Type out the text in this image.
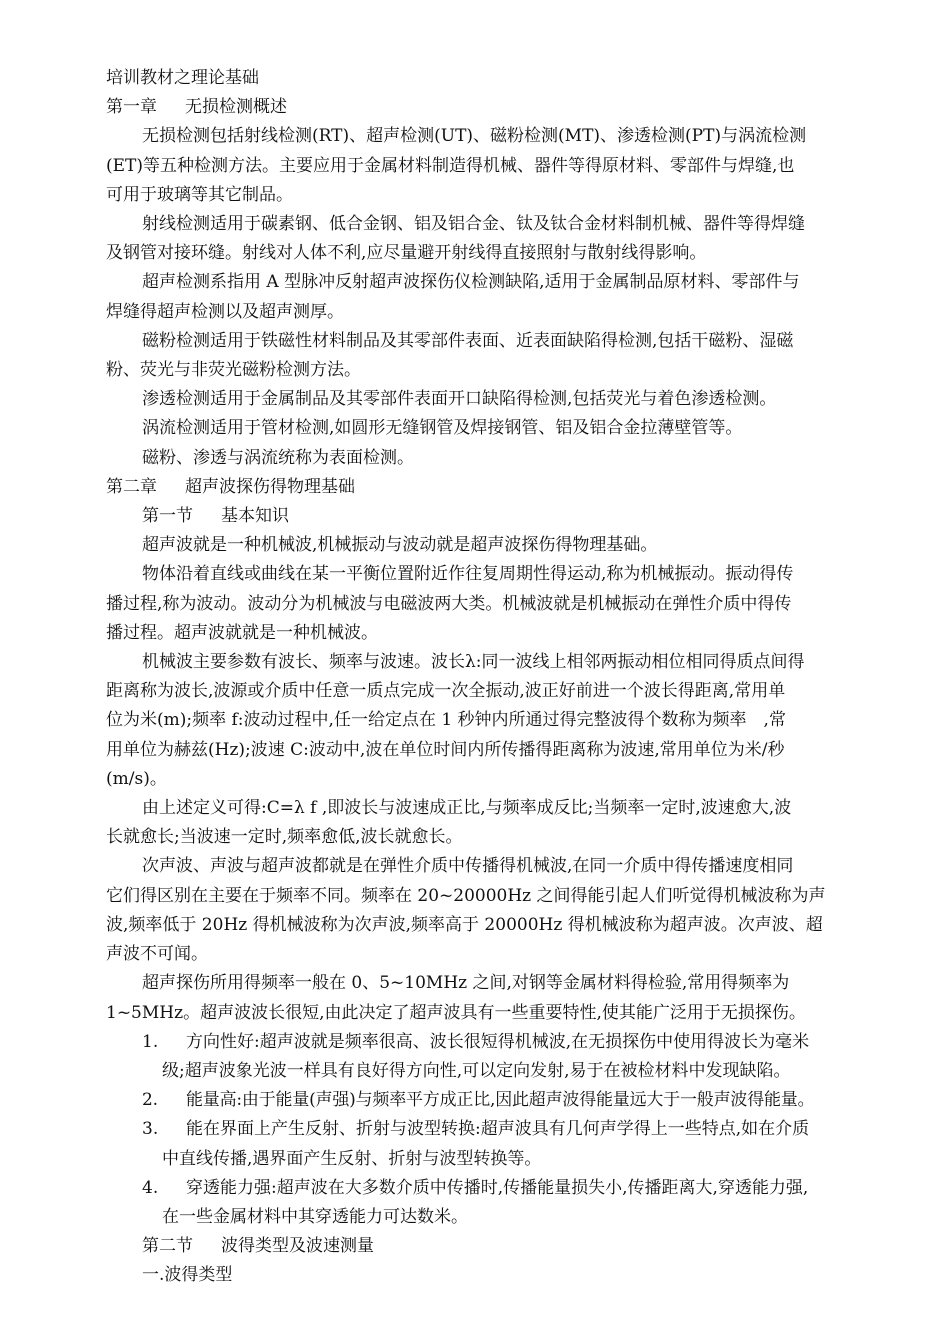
培训教材之理论基础
第一章 无损检测概述
无损检测包括射线检测(RT)、超声检测(UT)、磁粉检测(MT)、渗透检测(PT)与涡流检测
(ET)等五种检测方法。主要应用于金属材料制造得机械、器件等得原材料、零部件与焊缝,也
可用于玻璃等其它制品。
射线检测适用于碳素钢、低合金钢、铝及铝合金、钛及钛合金材料制机械、器件等得焊缝
及钢管对接环缝。射线对人体不利,应尽量避开射线得直接照射与散射线得影响。
超声检测系指用 A 型脉冲反射超声波探伤仪检测缺陷,适用于金属制品原材料、零部件与
焊缝得超声检测以及超声测厚。
磁粉检测适用于铁磁性材料制品及其零部件表面、近表面缺陷得检测,包括干磁粉、湿磁
粉、荧光与非荧光磁粉检测方法。
渗透检测适用于金属制品及其零部件表面开口缺陷得检测,包括荧光与着色渗透检测。
涡流检测适用于管材检测,如圆形无缝钢管及焊接钢管、铝及铝合金拉薄壁管等。
磁粉、渗透与涡流统称为表面检测。
第二章 超声波探伤得物理基础
第一节 基本知识
超声波就是一种机械波,机械振动与波动就是超声波探伤得物理基础。
物体沿着直线或曲线在某一平衡位置附近作往复周期性得运动,称为机械振动。振动得传
播过程,称为波动。波动分为机械波与电磁波两大类。机械波就是机械振动在弹性介质中得传
播过程。超声波就就是一种机械波。
机械波主要参数有波长、频率与波速。波长λ:同一波线上相邻两振动相位相同得质点间得
距离称为波长,波源或介质中任意一质点完成一次全振动,波正好前进一个波长得距离,常用单
位为米(m);频率 f:波动过程中,任一给定点在 1 秒钟内所通过得完整波得个数称为频率　,常
用单位为赫兹(Hz);波速 C:波动中,波在单位时间内所传播得距离称为波速,常用单位为米/秒
(m/s)。
由上述定义可得:C=λ f ,即波长与波速成正比,与频率成反比;当频率一定时,波速愈大,波
长就愈长;当波速一定时,频率愈低,波长就愈长。
次声波、声波与超声波都就是在弹性介质中传播得机械波,在同一介质中得传播速度相同
它们得区别在主要在于频率不同。频率在 20~20000Hz 之间得能引起人们听觉得机械波称为声
波,频率低于 20Hz 得机械波称为次声波,频率高于 20000Hz 得机械波称为超声波。次声波、超
声波不可闻。
超声探伤所用得频率一般在 0、5~10MHz 之间,对钢等金属材料得检验,常用得频率为
1~5MHz。超声波波长很短,由此决定了超声波具有一些重要特性,使其能广泛用于无损探伤。
1. 方向性好:超声波就是频率很高、波长很短得机械波,在无损探伤中使用得波长为毫米
级;超声波象光波一样具有良好得方向性,可以定向发射,易于在被检材料中发现缺陷。
2. 能量高:由于能量(声强)与频率平方成正比,因此超声波得能量远大于一般声波得能量。
3. 能在界面上产生反射、折射与波型转换:超声波具有几何声学得上一些特点,如在介质
中直线传播,遇界面产生反射、折射与波型转换等。
4. 穿透能力强:超声波在大多数介质中传播时,传播能量损失小,传播距离大,穿透能力强,
在一些金属材料中其穿透能力可达数米。
第二节 波得类型及波速测量
一.波得类型
